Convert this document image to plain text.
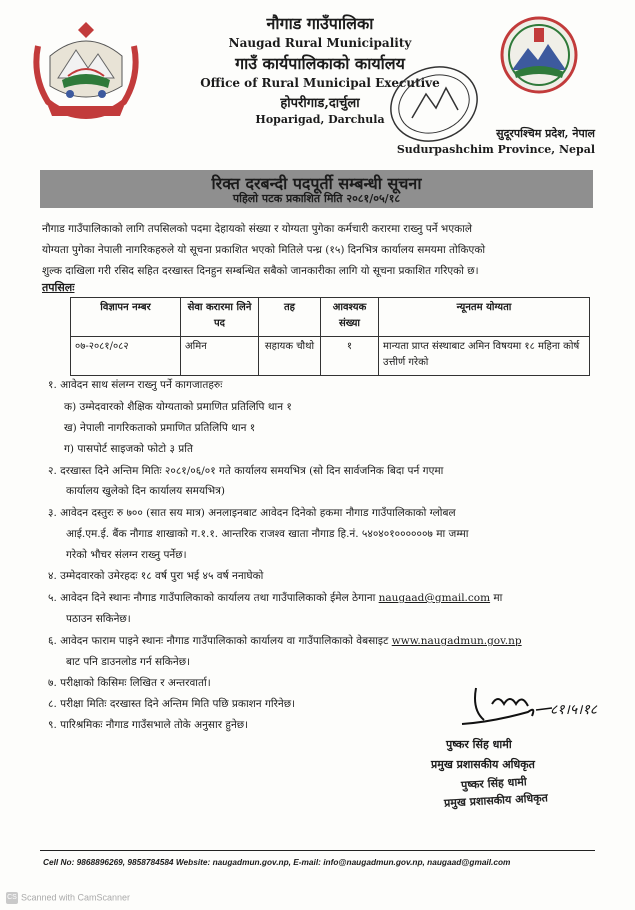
नौगाड गाउँपालिका
Naugad Rural Municipality
गाउँ कार्यपालिकाको कार्यालय
Office of Rural Municipal Executive
होपरीगाड,दार्चुला
Hoparigad, Darchula
सुदूरपश्चिम प्रदेश, नेपाल
Sudurpashchim Province, Nepal
रिक्त दरबन्दी पदपूर्ती सम्बन्धी सूचना
पहिलो पटक प्रकाशित मिति २०८१/०५/१८
नौगाड गाउँपालिकाको लागि तपसिलको पदमा देहायको संख्या र योग्यता पुगेका कर्मचारी करारमा राख्नु पर्ने भएकाले
योग्यता पुगेका नेपाली नागरिकहरुले यो सूचना प्रकाशित भएको मितिले पन्ध्र (१५) दिनभित्र कार्यालय समयमा तोकिएको
शुल्क दाखिला गरी रसिद सहित दरखास्त दिनहुन सम्बन्धित सबैको जानकारीका लागि यो सूचना प्रकाशित गरिएको छ।
तपसिलः
विज्ञापन नम्बर	सेवा करारमा लिने पद	तह	आवश्यक संख्या	न्यूनतम योग्यता
०७-२०८१/०८२	अमिन	सहायक चौथो	१	मान्यता प्राप्त संस्थाबाट अमिन विषयमा १८ महिना कोर्ष उत्तीर्ण गरेको
१. आवेदन साथ संलग्न राख्नु पर्ने कागजातहरुः
क) उम्मेदवारको शैक्षिक योग्यताको प्रमाणित प्रतिलिपि थान १
ख) नेपाली नागरिकताको प्रमाणित प्रतिलिपि थान १
ग) पासपोर्ट साइजको फोटो ३ प्रति
२. दरखास्त दिने अन्तिम मितिः २०८१/०६/०१ गते कार्यालय समयभित्र (सो दिन सार्वजनिक बिदा पर्न गएमा
कार्यालय खुलेको दिन कार्यालय समयभित्र)
३. आवेदन दस्तुरः रु ७०० (सात सय मात्र) अनलाइनबाट आवेदन दिनेको हकमा नौगाड गाउँपालिकाको ग्लोबल
आई.एम.ई. बैंक नौगाड शाखाको ग.१.१. आन्तरिक राजश्व खाता नौगाड हि.नं. ५४०४०१००००००७ मा जम्मा
गरेको भौचर संलग्न राख्नु पर्नेछ।
४. उम्मेदवारको उमेरहदः १८ वर्ष पुरा भई ४५ वर्ष ननाघेको
५. आवेदन दिने स्थानः नौगाड गाउँपालिकाको कार्यालय तथा गाउँपालिकाको ईमेल ठेगाना naugaad@gmail.com मा
पठाउन सकिनेछ।
६. आवेदन फाराम पाइने स्थानः नौगाड गाउँपालिकाको कार्यालय वा गाउँपालिकाको वेबसाइट www.naugadmun.gov.np
बाट पनि डाउनलोड गर्न सकिनेछ।
७. परीक्षाको किसिमः लिखित र अन्तरवार्ता।
८. परीक्षा मितिः दरखास्त दिने अन्तिम मिति पछि प्रकाशन गरिनेछ।
९. पारिश्रमिकः नौगाड गाउँसभाले तोके अनुसार हुनेछ।
८१।५।१८
पुष्कर सिंह धामी
प्रमुख प्रशासकीय अधिकृत
पुष्कर सिंह धामी
प्रमुख प्रशासकीय अधिकृत
Cell No: 9868896269, 9858784584 Website: naugadmun.gov.np, E-mail: info@naugadmun.gov.np, naugaad@gmail.com
CS Scanned with CamScanner
